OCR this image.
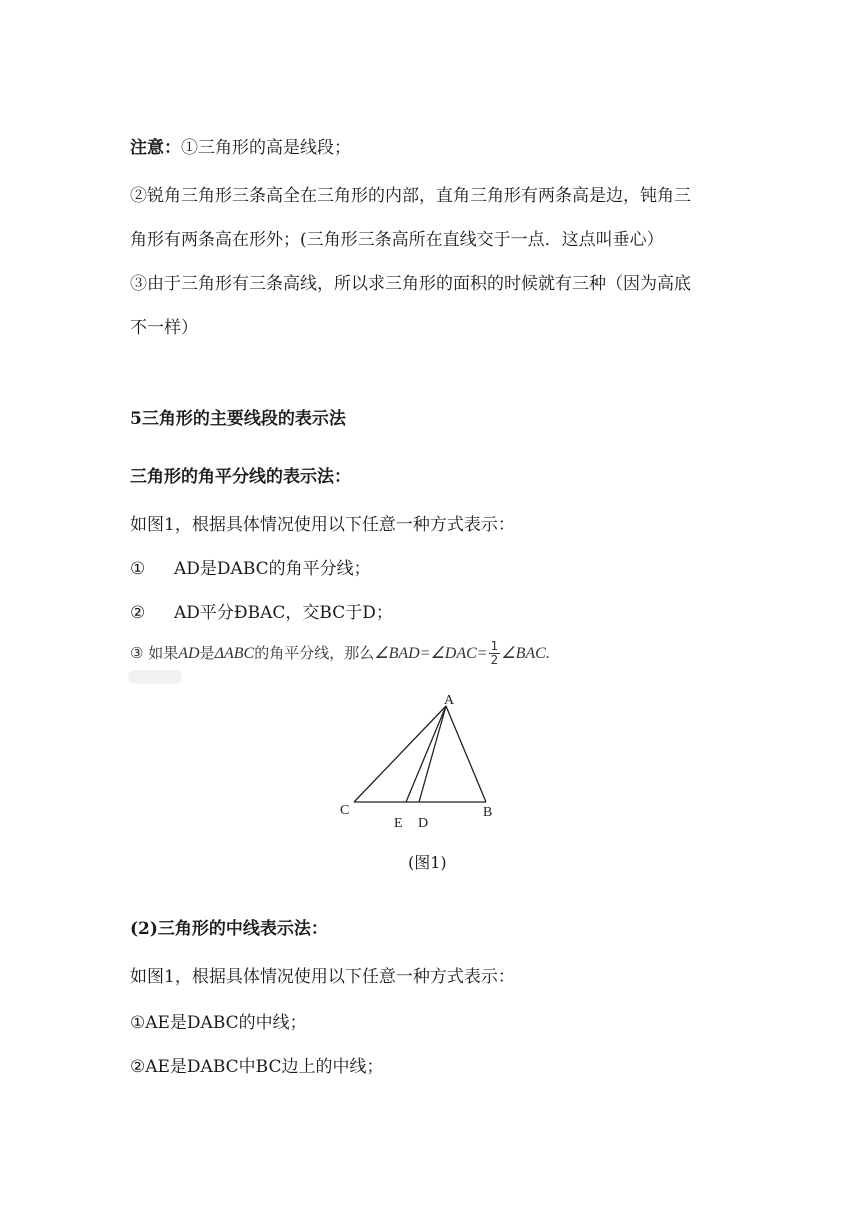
注意：①三角形的高是线段；
②锐角三角形三条高全在三角形的内部，直角三角形有两条高是边，钝角三
角形有两条高在形外；(三角形三条高所在直线交于一点．这点叫垂心）
③由于三角形有三条高线，所以求三角形的面积的时候就有三种（因为高底
不一样）
5三角形的主要线段的表示法
三角形的角平分线的表示法：
如图1，根据具体情况使用以下任意一种方式表示：
① AD是DABC的角平分线；
② AD平分ÐBAC，交BC于D；
③ 如果AD是ΔABC的角平分线，那么∠BAD=∠DAC= $\frac{1}{2}$ ∠BAC.
A
B
C
E D
(图1)
(2)三角形的中线表示法：
如图1，根据具体情况使用以下任意一种方式表示：
①AE是DABC的中线；
②AE是DABC中BC边上的中线；
